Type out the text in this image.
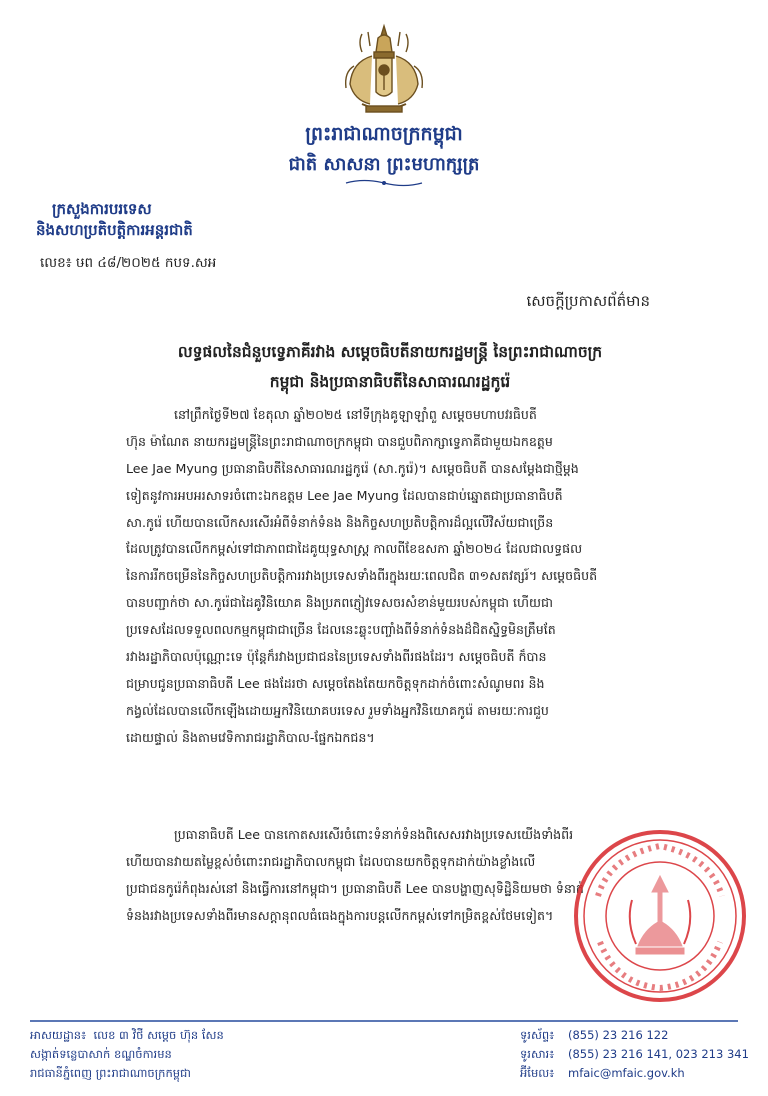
ព្រះរាជាណាចក្រកម្ពុជា
ជាតិ សាសនា ព្រះមហាក្សត្រ
ក្រសួងការបរទេស
និងសហប្រតិបត្តិការអន្តរជាតិ
លេខ៖ ឞព ៤៨/២០២៥ កបទ.សអ
សេចក្ដីប្រកាសព័ត៌មាន
លទ្ធផលនៃជំនួបទ្វេភាគីរវាង សម្ដេចធិបតីនាយករដ្ឋមន្ត្រី នៃព្រះរាជាណាចក្រ
កម្ពុជា និងប្រធានាធិបតីនៃសាធារណរដ្ឋកូរ៉េ
នៅព្រឹកថ្ងៃទី២៧ ខែតុលា ឆ្នាំ២០២៥ នៅទីក្រុងគូឡាឡាំពួ សម្ដេចមហាបវរធិបតី
ហ៊ុន ម៉ាណែត នាយករដ្ឋមន្ត្រីនៃព្រះរាជាណាចក្រកម្ពុជា បានជួបពិភាក្សាទ្វេភាគីជាមួយឯកឧត្តម
Lee Jae Myung ប្រធានាធិបតីនៃសាធារណរដ្ឋកូរ៉េ (សា.កូរ៉េ)។ សម្ដេចធិបតី បានសម្ដែងជាថ្មីម្ដង
ទៀតនូវការអបអរសាទរចំពោះឯកឧត្តម Lee Jae Myung ដែលបានជាប់ឆ្នោតជាប្រធានាធិបតី
សា.កូរ៉េ ហើយបានលើកសរសើរអំពីទំនាក់ទំនង និងកិច្ចសហប្រតិបត្តិការដ៏ល្អលើវិស័យជាច្រើន
ដែលត្រូវបានលើកកម្ពស់ទៅជាភាពជាដៃគូយុទ្ធសាស្ត្រ កាលពីខែឧសភា ឆ្នាំ២០២៤ ដែលជាលទ្ធផល
នៃការរីកចម្រើននៃកិច្ចសហប្រតិបត្តិការរវាងប្រទេសទាំងពីរក្នុងរយៈពេលជិត ៣១សតវត្សរ៍។ សម្ដេចធិបតី
បានបញ្ជាក់ថា សា.កូរ៉េជាដៃគូវិនិយោគ និងប្រភពភ្ញៀវទេសចរសំខាន់មួយរបស់កម្ពុជា ហើយជា
ប្រទេសដែលទទួលពលកម្មកម្ពុជាជាច្រើន ដែលនេះឆ្លុះបញ្ចាំងពីទំនាក់ទំនងដ៏ជិតស្និទ្ធមិនត្រឹមតែ
រវាងរដ្ឋាភិបាលប៉ុណ្ណោះទេ ប៉ុន្តែក៏រវាងប្រជាជននៃប្រទេសទាំងពីរផងដែរ។ សម្ដេចធិបតី ក៏បាន
ជម្រាបជូនប្រធានាធិបតី Lee ផងដែរថា សម្ដេចតែងតែយកចិត្តទុកដាក់ចំពោះសំណូមពរ និង
កង្វល់ដែលបានលើកឡើងដោយអ្នកវិនិយោគបរទេស រួមទាំងអ្នកវិនិយោគកូរ៉េ តាមរយៈការជួប
ដោយផ្ទាល់ និងតាមវេទិការាជរដ្ឋាភិបាល-ផ្នែកឯកជន។
ប្រធានាធិបតី Lee បានកោតសរសើរចំពោះទំនាក់ទំនងពិសេសរវាងប្រទេសយើងទាំងពីរ
ហើយបានវាយតម្លៃខ្ពស់ចំពោះរាជរដ្ឋាភិបាលកម្ពុជា ដែលបានយកចិត្តទុកដាក់យ៉ាងខ្លាំងលើ
ប្រជាជនកូរ៉េកំពុងរស់នៅ និងធ្វើការនៅកម្ពុជា។ ប្រធានាធិបតី Lee បានបង្ហាញសុទិដ្ឋិនិយមថា ទំនាក់
ទំនងរវាងប្រទេសទាំងពីរមានសក្ដានុពលធំធេងក្នុងការបន្តលើកកម្ពស់ទៅកម្រិតខ្ពស់ថែមទៀត។
អាសយដ្ឋាន៖ លេខ ៣ វិថី សម្ដេច ហ៊ុន សែន
សង្កាត់ទន្លេបាសាក់ ខណ្ឌចំការមន
រាជធានីភ្នំពេញ ព្រះរាជាណាចក្រកម្ពុជា
ទូរស័ព្ទ៖ (855) 23 216 122
ទូរសារ៖ (855) 23 216 141, 023 213 341
អ៊ីមែល៖ mfaic@mfaic.gov.kh
